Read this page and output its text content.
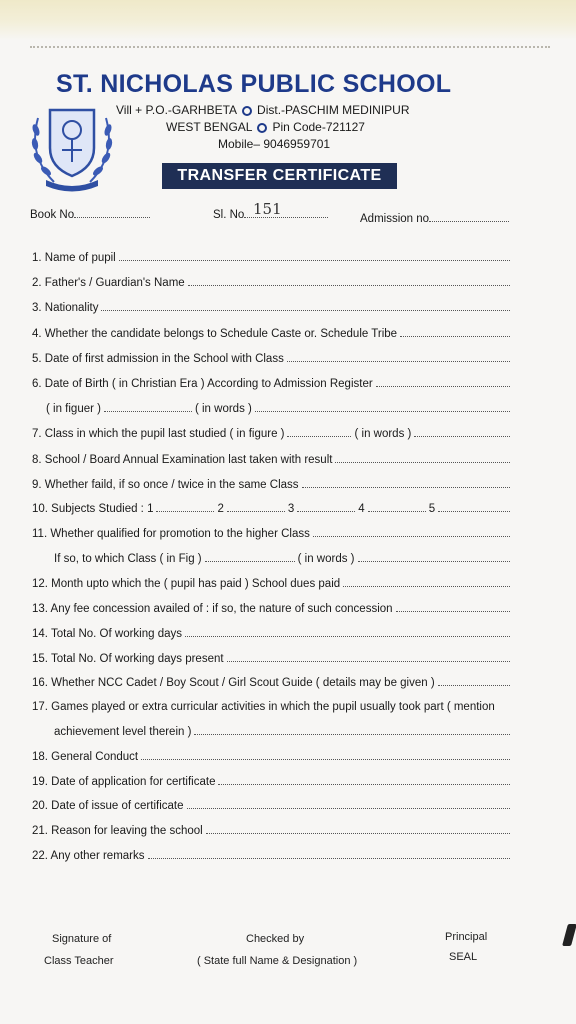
ST. NICHOLAS PUBLIC SCHOOL
Vill + P.O.-GARHBETA Dist.-PASCHIM MEDINIPUR
WEST BENGAL Pin Code-721127
Mobile– 9046959701
TRANSFER CERTIFICATE
Book No	Sl. No 151
Admission no
1. Name of pupil
2. Father's / Guardian's Name
3. Nationality
4. Whether the candidate belongs to Schedule Caste or. Schedule Tribe
5. Date of first admission in the School with Class
6. Date of Birth ( in Christian Era ) According to Admission Register
( in figuer )	( in words )
7. Class in which the pupil last studied ( in figure )	( in words )
8. School / Board Annual Examination last taken with result
9. Whether faild, if so once / twice in the same Class
10. Subjects Studied : 1	2	3	4	5
11. Whether qualified for promotion to the higher Class
If so, to which Class ( in Fig )	( in words )
12. Month upto which the ( pupil has paid ) School dues paid
13. Any fee concession availed of : if so, the nature of such concession
14. Total No. Of working days
15. Total No. Of working days present
16. Whether NCC Cadet / Boy Scout / Girl Scout Guide ( details may be given )
17. Games played or extra curricular activities in which the pupil usually took part ( mention
achievement level therein )
18. General Conduct
19. Date of application for certificate
20. Date of issue of certificate
21. Reason for leaving the school
22. Any other remarks
Signature of
Class Teacher
Checked by
( State full Name & Designation )
Principal
SEAL
